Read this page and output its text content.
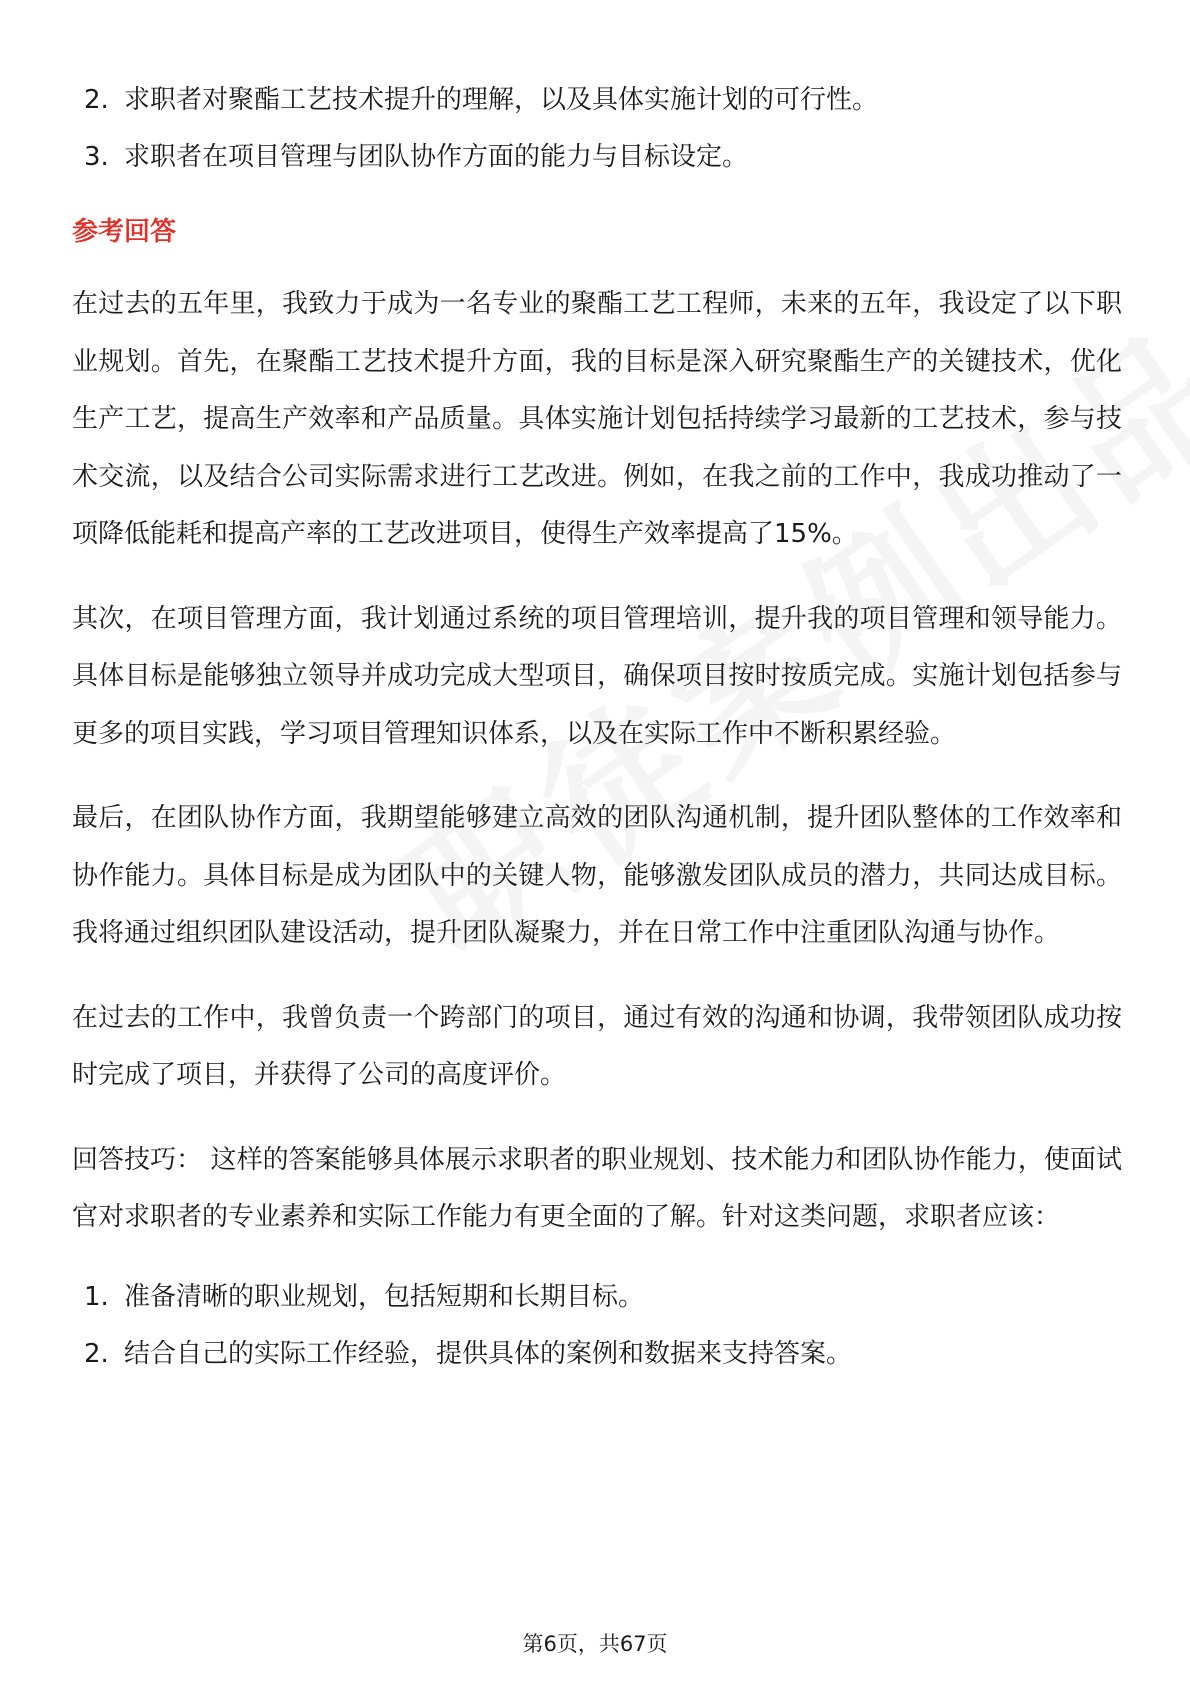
2. 求职者对聚酯工艺技术提升的理解，以及具体实施计划的可行性。
3. 求职者在项目管理与团队协作方面的能力与目标设定。
参考回答

在过去的五年里，我致力于成为一名专业的聚酯工艺工程师，未来的五年，我设定了以下职业规划。首先，在聚酯工艺技术提升方面，我的目标是深入研究聚酯生产的关键技术，优化生产工艺，提高生产效率和产品质量。具体实施计划包括持续学习最新的工艺技术，参与技术交流，以及结合公司实际需求进行工艺改进。例如，在我之前的工作中，我成功推动了一项降低能耗和提高产率的工艺改进项目，使得生产效率提高了15%。

其次，在项目管理方面，我计划通过系统的项目管理培训，提升我的项目管理和领导能力。具体目标是能够独立领导并成功完成大型项目，确保项目按时按质完成。实施计划包括参与更多的项目实践，学习项目管理知识体系，以及在实际工作中不断积累经验。

最后，在团队协作方面，我期望能够建立高效的团队沟通机制，提升团队整体的工作效率和协作能力。具体目标是成为团队中的关键人物，能够激发团队成员的潜力，共同达成目标。我将通过组织团队建设活动，提升团队凝聚力，并在日常工作中注重团队沟通与协作。

在过去的工作中，我曾负责一个跨部门的项目，通过有效的沟通和协调，我带领团队成功按时完成了项目，并获得了公司的高度评价。

回答技巧： 这样的答案能够具体展示求职者的职业规划、技术能力和团队协作能力，使面试官对求职者的专业素养和实际工作能力有更全面的了解。针对这类问题，求职者应该：

1. 准备清晰的职业规划，包括短期和长期目标。
2. 结合自己的实际工作经验，提供具体的案例和数据来支持答案。
第6页，共67页
